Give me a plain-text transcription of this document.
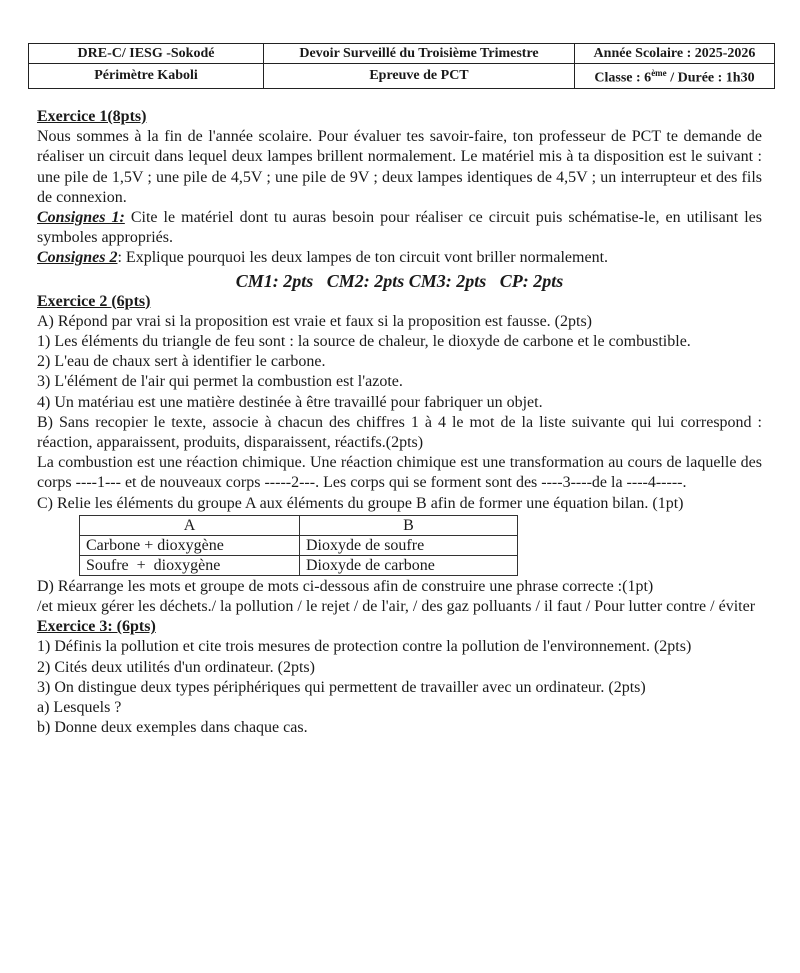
DRE-C/ IESG -Sokodé	Devoir Surveillé du Troisième Trimestre	Année Scolaire : 2025-2026
Périmètre Kaboli	Epreuve de PCT	Classe : 6ème / Durée : 1h30

Exercice 1(8pts)

Nous sommes à la fin de l'année scolaire. Pour évaluer tes savoir-faire, ton professeur de PCT te demande de réaliser un circuit dans lequel deux lampes brillent normalement. Le matériel mis à ta disposition est le suivant : une pile de 1,5V ; une pile de 4,5V ; une pile de 9V ; deux lampes identiques de 4,5V ; un interrupteur et des fils de connexion.

Consignes 1: Cite le matériel dont tu auras besoin pour réaliser ce circuit puis schématise-le, en utilisant les symboles appropriés.

Consignes 2: Explique pourquoi les deux lampes de ton circuit vont briller normalement.

CM1: 2pts   CM2: 2pts CM3: 2pts   CP: 2pts

Exercice 2 (6pts)

A) Répond par vrai si la proposition est vraie et faux si la proposition est fausse. (2pts)

1) Les éléments du triangle de feu sont : la source de chaleur, le dioxyde de carbone et le combustible.

2) L'eau de chaux sert à identifier le carbone.

3) L'élément de l'air qui permet la combustion est l'azote.

4) Un matériau est une matière destinée à être travaillé pour fabriquer un objet.

B) Sans recopier le texte, associe à chacun des chiffres 1 à 4 le mot de la liste suivante qui lui correspond : réaction, apparaissent, produits, disparaissent, réactifs.(2pts)

La combustion est une réaction chimique. Une réaction chimique est une transformation au cours de laquelle des corps ----1--- et de nouveaux corps -----2---. Les corps qui se forment sont des ----3----de la ----4-----.

C) Relie les éléments du groupe A aux éléments du groupe B afin de former une équation bilan. (1pt)

A	B
Carbone + dioxygène	Dioxyde de soufre
Soufre  +  dioxygène	Dioxyde de carbone

D) Réarrange les mots et groupe de mots ci-dessous afin de construire une phrase correcte :(1pt)

/et mieux gérer les déchets./ la pollution / le rejet / de l'air, / des gaz polluants / il faut / Pour lutter contre / éviter

Exercice 3: (6pts)

1) Définis la pollution et cite trois mesures de protection contre la pollution de l'environnement. (2pts)

2) Cités deux utilités d'un ordinateur. (2pts)

3) On distingue deux types périphériques qui permettent de travailler avec un ordinateur. (2pts)

a) Lesquels ?

b) Donne deux exemples dans chaque cas.
